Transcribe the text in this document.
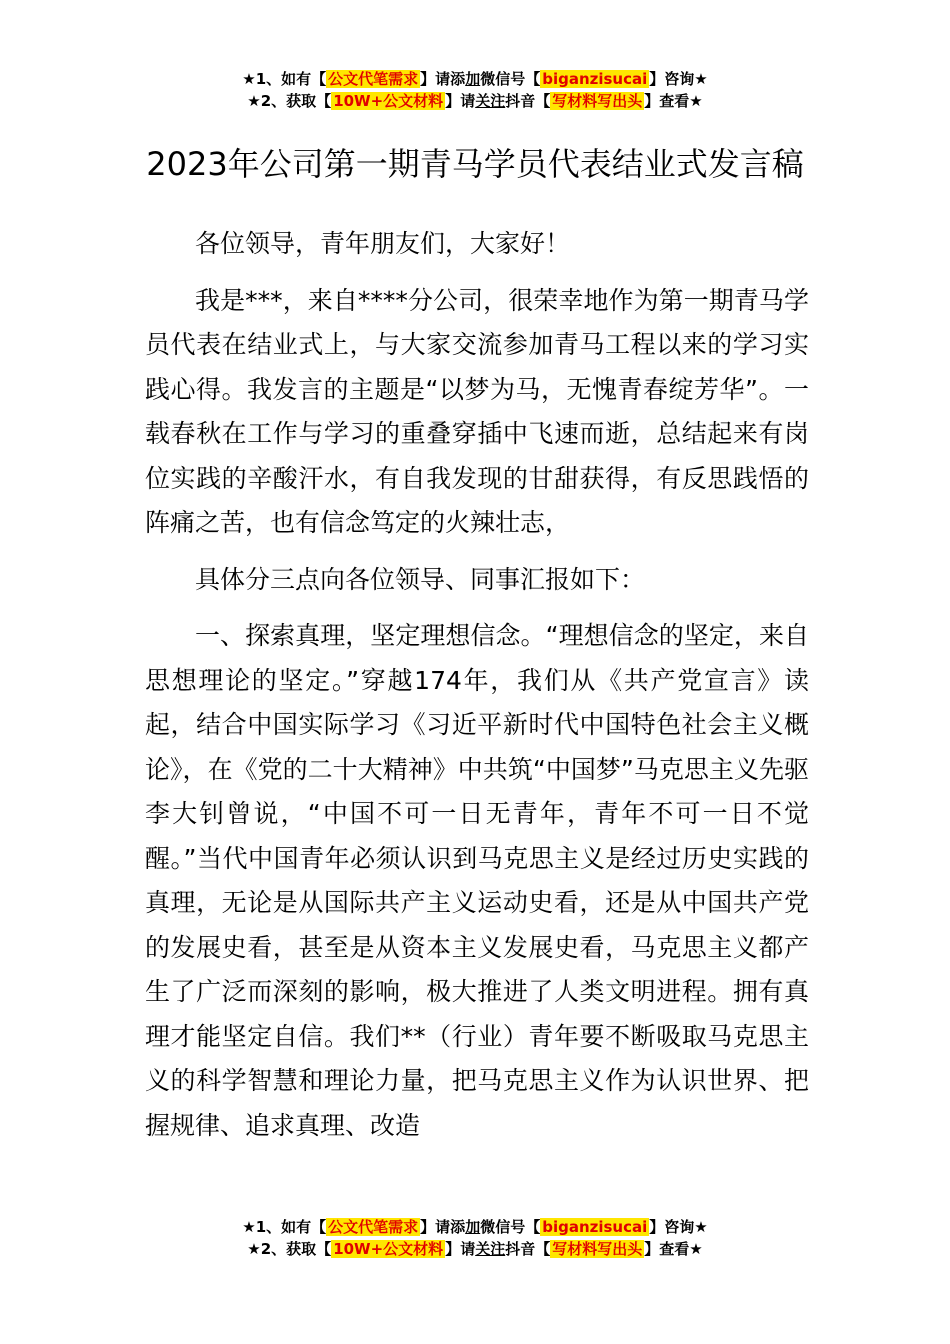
★1、如有【 公文代笔需求 】请添加微信号【 biganzisucai 】咨询★
★2、获取【 10W+公文材料 】请关注抖音【 写材料写出头 】查看★
2023年公司第一期青马学员代表结业式发言稿

各位领导，青年朋友们，大家好！

我是***，来自****分公司，很荣幸地作为第一期青马学员代表在结业式上，与大家交流参加青马工程以来的学习实践心得。我发言的主题是“以梦为马，无愧青春绽芳华”。一载春秋在工作与学习的重叠穿插中飞速而逝，总结起来有岗位实践的辛酸汗水，有自我发现的甘甜获得，有反思践悟的阵痛之苦，也有信念笃定的火辣壮志，

具体分三点向各位领导、同事汇报如下：

一、探索真理，坚定理想信念。“理想信念的坚定，来自思想理论的坚定。”穿越174年，我们从《共产党宣言》读起，结合中国实际学习《习近平新时代中国特色社会主义概论》，在《党的二十大精神》中共筑“中国梦”马克思主义先驱李大钊曾说，“中国不可一日无青年，青年不可一日不觉醒。”当代中国青年必须认识到马克思主义是经过历史实践的真理，无论是从国际共产主义运动史看，还是从中国共产党的发展史看，甚至是从资本主义发展史看，马克思主义都产生了广泛而深刻的影响，极大推进了人类文明进程。拥有真理才能坚定自信。我们**（行业）青年要不断吸取马克思主义的科学智慧和理论力量，把马克思主义作为认识世界、把握规律、追求真理、改造

★1、如有【 公文代笔需求 】请添加微信号【 biganzisucai 】咨询★
★2、获取【 10W+公文材料 】请关注抖音【 写材料写出头 】查看★
